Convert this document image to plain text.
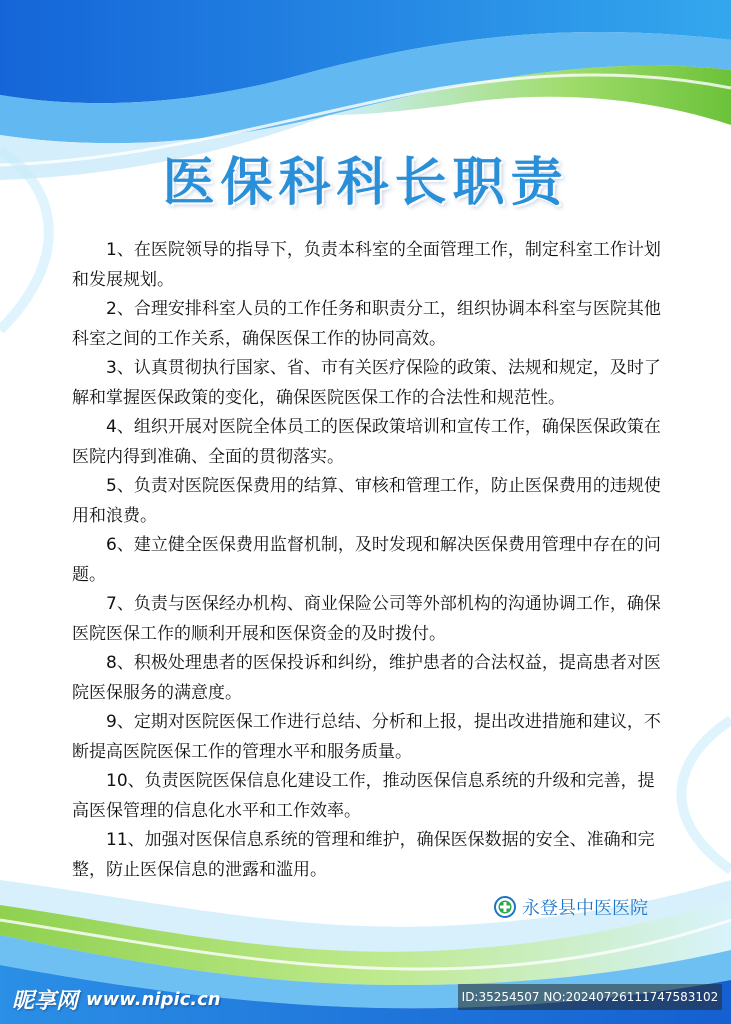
医保科科长职责

1、在医院领导的指导下，负责本科室的全面管理工作，制定科室工作计划和发展规划。

2、合理安排科室人员的工作任务和职责分工，组织协调本科室与医院其他科室之间的工作关系，确保医保工作的协同高效。

3、认真贯彻执行国家、省、市有关医疗保险的政策、法规和规定，及时了解和掌握医保政策的变化，确保医院医保工作的合法性和规范性。

4、组织开展对医院全体员工的医保政策培训和宣传工作，确保医保政策在医院内得到准确、全面的贯彻落实。

5、负责对医院医保费用的结算、审核和管理工作，防止医保费用的违规使用和浪费。

6、建立健全医保费用监督机制，及时发现和解决医保费用管理中存在的问题。

7、负责与医保经办机构、商业保险公司等外部机构的沟通协调工作，确保医院医保工作的顺利开展和医保资金的及时拨付。

8、积极处理患者的医保投诉和纠纷，维护患者的合法权益，提高患者对医院医保服务的满意度。

9、定期对医院医保工作进行总结、分析和上报，提出改进措施和建议，不断提高医院医保工作的管理水平和服务质量。

10、负责医院医保信息化建设工作，推动医保信息系统的升级和完善，提高医保管理的信息化水平和工作效率。

11、加强对医保信息系统的管理和维护，确保医保数据的安全、准确和完整，防止医保信息的泄露和滥用。

永登县中医医院
昵享网 www.nipic.cn	ID:35254507 NO:20240726111747583102
